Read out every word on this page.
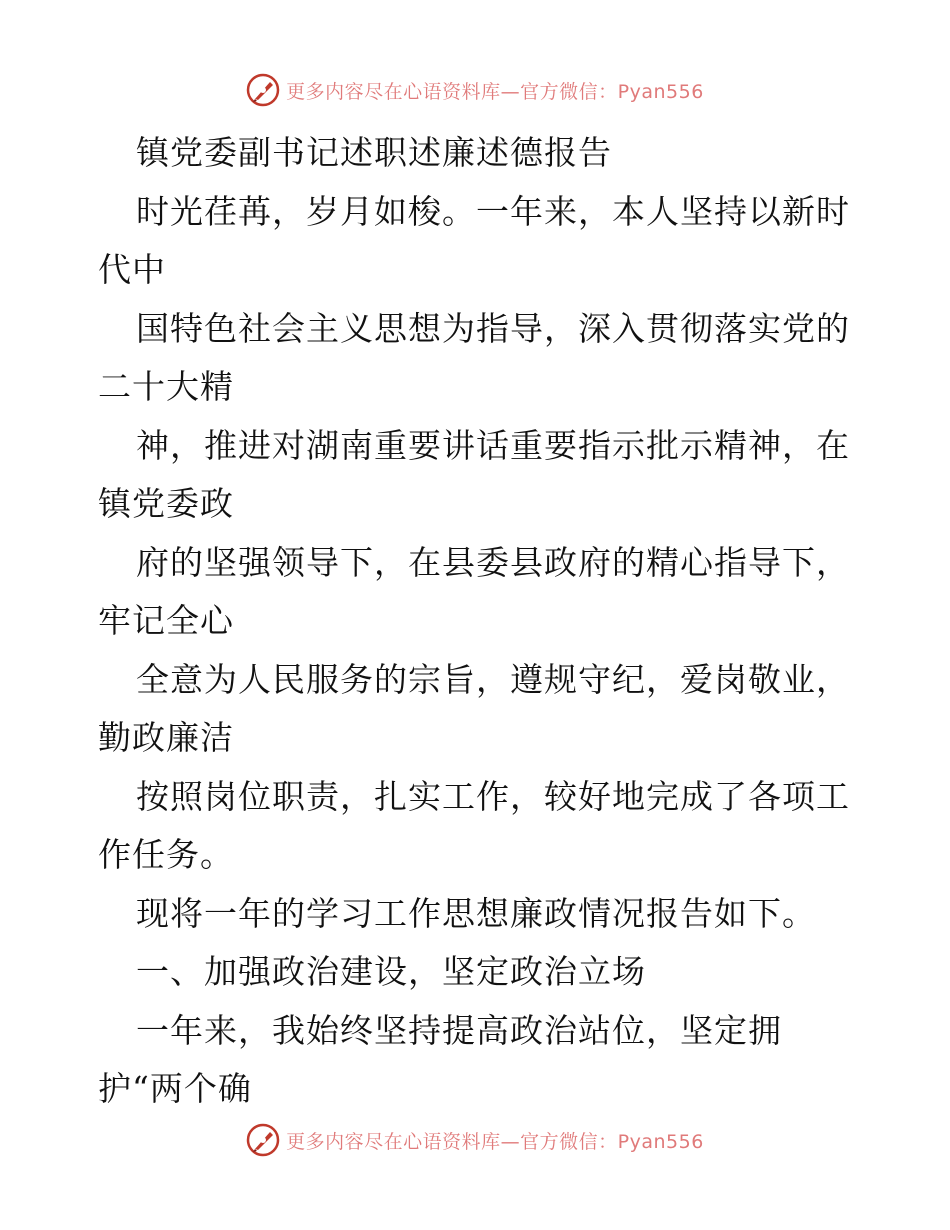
更多内容尽在心语资料库—官方微信：Pyan556
镇党委副书记述职述廉述德报告
时光荏苒，岁月如梭。一年来，本人坚持以新时
代中
国特色社会主义思想为指导，深入贯彻落实党的
二十大精
神，推进对湖南重要讲话重要指示批示精神，在
镇党委政
府的坚强领导下，在县委县政府的精心指导下，
牢记全心
全意为人民服务的宗旨，遵规守纪，爱岗敬业，
勤政廉洁
按照岗位职责，扎实工作，较好地完成了各项工
作任务。
现将一年的学习工作思想廉政情况报告如下。
一、加强政治建设，坚定政治立场
一年来，我始终坚持提高政治站位，坚定拥
护“两个确
更多内容尽在心语资料库—官方微信：Pyan556
